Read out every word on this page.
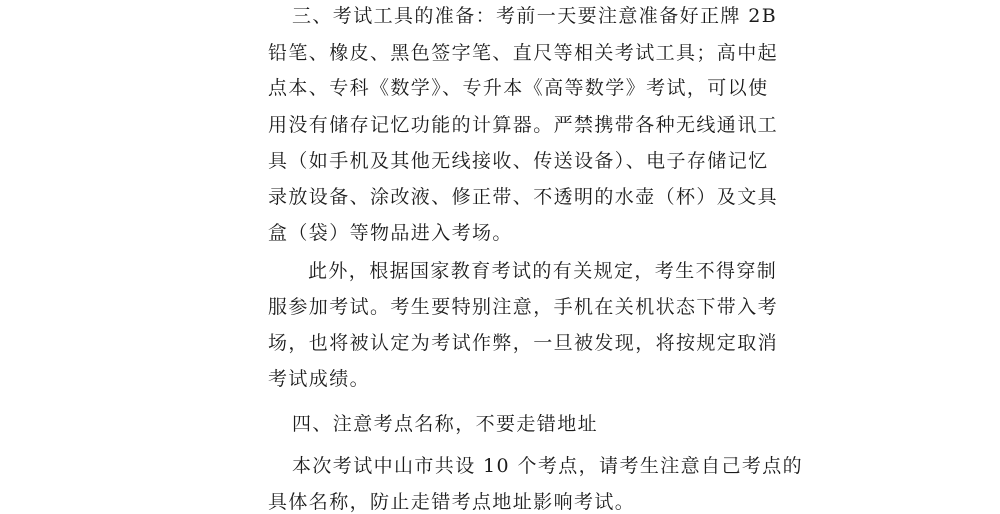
三、考试工具的准备：考前一天要注意准备好正牌 2B
铅笔、橡皮、黑色签字笔、直尺等相关考试工具；高中起
点本、专科《数学》、专升本《高等数学》考试，可以使
用没有储存记忆功能的计算器。严禁携带各种无线通讯工
具（如手机及其他无线接收、传送设备）、电子存储记忆
录放设备、涂改液、修正带、不透明的水壶（杯）及文具
盒（袋）等物品进入考场。
此外，根据国家教育考试的有关规定，考生不得穿制
服参加考试。考生要特别注意，手机在关机状态下带入考
场，也将被认定为考试作弊，一旦被发现，将按规定取消
考试成绩。
四、注意考点名称，不要走错地址
本次考试中山市共设 10 个考点，请考生注意自己考点的
具体名称，防止走错考点地址影响考试。
